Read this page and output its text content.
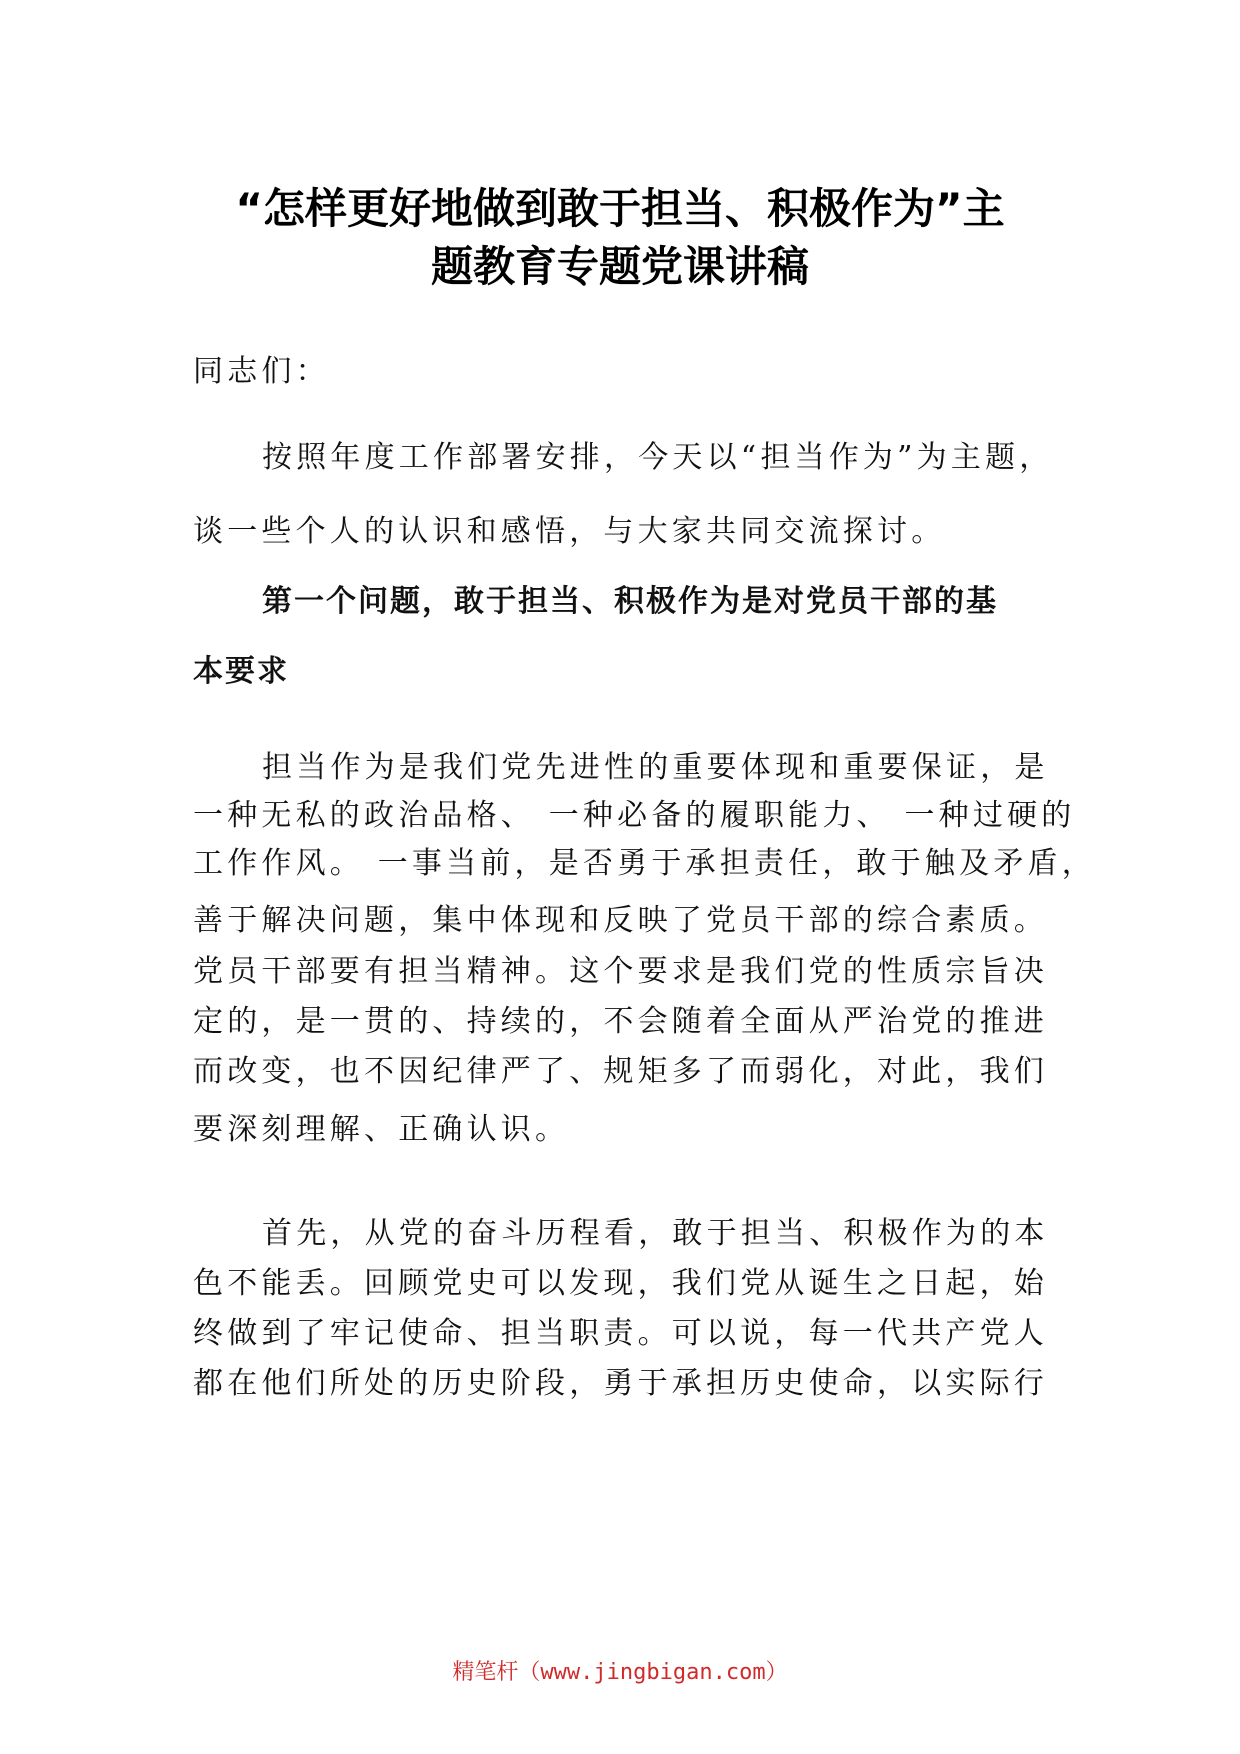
“怎样更好地做到敢于担当、积极作为”主
题教育专题党课讲稿
同志们：
按照年度工作部署安排，今天以“担当作为”为主题，
谈一些个人的认识和感悟，与大家共同交流探讨。
第一个问题，敢于担当、积极作为是对党员干部的基
本要求
担当作为是我们党先进性的重要体现和重要保证，是
一种无私的政治品格、 一种必备的履职能力、 一种过硬的
工作作风。 一事当前，是否勇于承担责任，敢于触及矛盾，
善于解决问题，集中体现和反映了党员干部的综合素质。
党员干部要有担当精神。这个要求是我们党的性质宗旨决
定的，是一贯的、持续的，不会随着全面从严治党的推进
而改变，也不因纪律严了、规矩多了而弱化，对此，我们
要深刻理解、正确认识。
首先，从党的奋斗历程看，敢于担当、积极作为的本
色不能丢。回顾党史可以发现，我们党从诞生之日起，始
终做到了牢记使命、担当职责。可以说，每一代共产党人
都在他们所处的历史阶段，勇于承担历史使命，以实际行
精笔杆（www.jingbigan.com）
